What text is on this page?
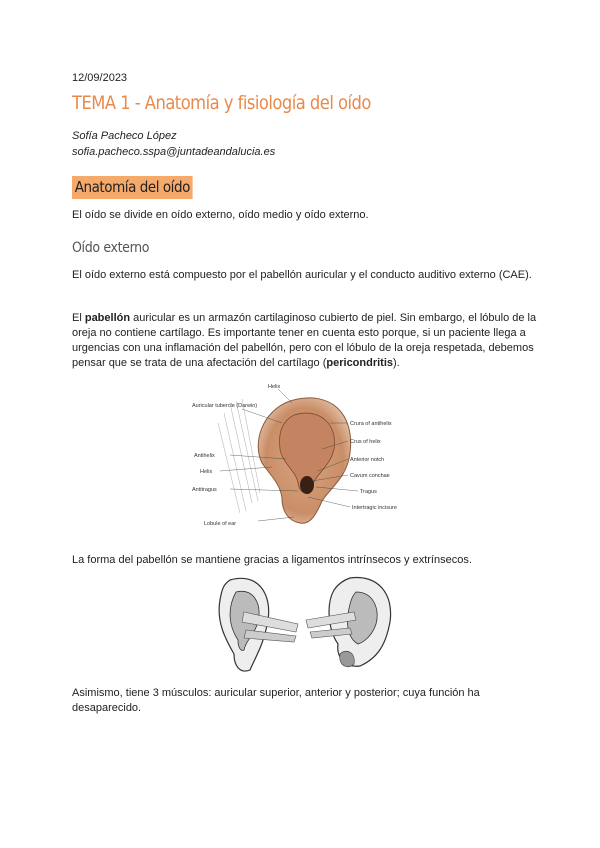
12/09/2023
TEMA 1 - Anatomía y fisiología del oído
Sofía Pacheco López
sofia.pacheco.sspa@juntadeandalucia.es
Anatomía del oído
El oído se divide en oído externo, oído medio y oído externo.
Oído externo
El oído externo está compuesto por el pabellón auricular y el conducto auditivo externo (CAE).
El pabellón auricular es un armazón cartilaginoso cubierto de piel. Sin embargo, el lóbulo de la oreja no contiene cartílago. Es importante tener en cuenta esto porque, si un paciente llega a urgencias con una inflamación del pabellón, pero con el lóbulo de la oreja respetada, debemos pensar que se trata de una afectación del cartílago (pericondritis).
Helix
Auricular tubercle (Darwin)
Crura of antihelix
Crus of helix
Antihelix
Anterior notch
Helix
Cavum conchae
Antitragus	Tragus
Intertragic incisure
Lobule of ear
La forma del pabellón se mantiene gracias a ligamentos intrínsecos y extrínsecos.
Asimismo, tiene 3 músculos: auricular superior, anterior y posterior; cuya función ha desaparecido.
